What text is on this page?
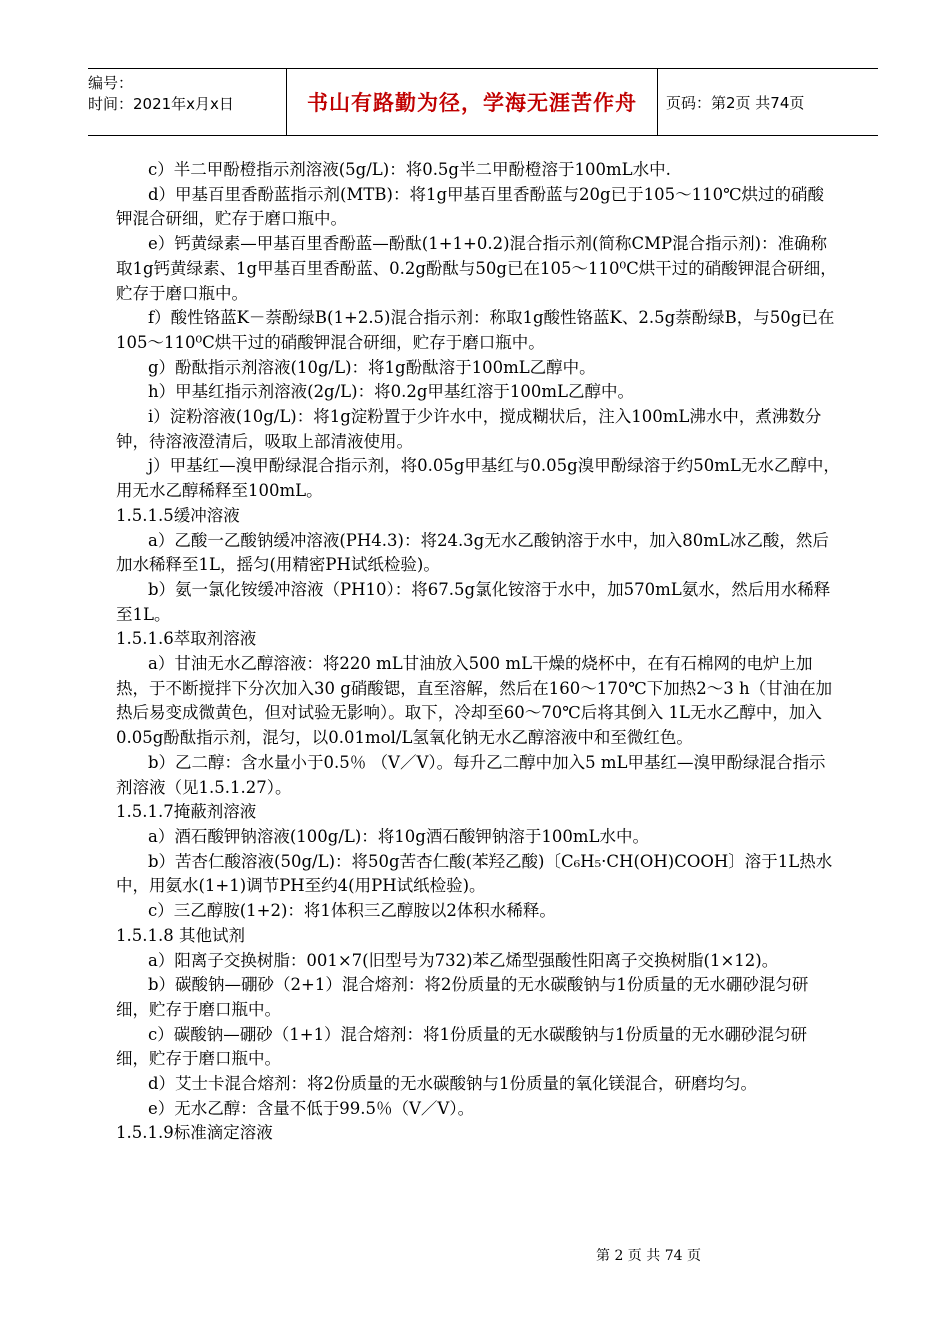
编号：
时间：2021年x月x日	书山有路勤为径，学海无涯苦作舟	页码：第2页 共74页

c）半二甲酚橙指示剂溶液(5g/L)：将0.5g半二甲酚橙溶于100mL水中.

d）甲基百里香酚蓝指示剂(MTB)：将1g甲基百里香酚蓝与20g已于105～110℃烘过的硝酸钾混合研细，贮存于磨口瓶中。

e）钙黄绿素—甲基百里香酚蓝—酚酞(1+1+0.2)混合指示剂(简称CMP混合指示剂)：准确称取1g钙黄绿素、1g甲基百里香酚蓝、0.2g酚酞与50g已在105～110⁰C烘干过的硝酸钾混合研细，贮存于磨口瓶中。

f）酸性铬蓝K－萘酚绿B(1+2.5)混合指示剂：称取1g酸性铬蓝K、2.5g萘酚绿B，与50g已在105～110⁰C烘干过的硝酸钾混合研细，贮存于磨口瓶中。

g）酚酞指示剂溶液(10g/L)：将1g酚酞溶于100mL乙醇中。

h）甲基红指示剂溶液(2g/L)：将0.2g甲基红溶于100mL乙醇中。

i）淀粉溶液(10g/L)：将1g淀粉置于少许水中，搅成糊状后，注入100mL沸水中，煮沸数分钟，待溶液澄清后，吸取上部清液使用。

j）甲基红—溴甲酚绿混合指示剂，将0.05g甲基红与0.05g溴甲酚绿溶于约50mL无水乙醇中，用无水乙醇稀释至100mL。

1.5.1.5缓冲溶液

a）乙酸一乙酸钠缓冲溶液(PH4.3)：将24.3g无水乙酸钠溶于水中，加入80mL冰乙酸，然后加水稀释至1L，摇匀(用精密PH试纸检验)。

b）氨一氯化铵缓冲溶液（PH10）：将67.5g氯化铵溶于水中，加570mL氨水，然后用水稀释至1L。

1.5.1.6萃取剂溶液

a）甘油无水乙醇溶液：将220 mL甘油放入500 mL干燥的烧杯中，在有石棉网的电炉上加热，于不断搅拌下分次加入30 g硝酸锶，直至溶解，然后在160～170℃下加热2～3 h（甘油在加热后易变成微黄色，但对试验无影响）。取下，冷却至60～70℃后将其倒入 1L无水乙醇中，加入0.05g酚酞指示剂，混匀，以0.01mol/L氢氧化钠无水乙醇溶液中和至微红色。

b）乙二醇：含水量小于0.5％ （V／V）。每升乙二醇中加入5 mL甲基红—溴甲酚绿混合指示剂溶液（见1.5.1.27）。

1.5.1.7掩蔽剂溶液

a）酒石酸钾钠溶液(100g/L)：将10g酒石酸钾钠溶于100mL水中。

b）苦杏仁酸溶液(50g/L)：将50g苦杏仁酸(苯羟乙酸)〔C₆H₅·CH(OH)COOH〕溶于1L热水中，用氨水(1+1)调节PH至约4(用PH试纸检验)。

c）三乙醇胺(1+2)：将1体积三乙醇胺以2体积水稀释。

1.5.1.8 其他试剂

a）阳离子交换树脂：001×7(旧型号为732)苯乙烯型强酸性阳离子交换树脂(1×12)。

b）碳酸钠—硼砂（2+1）混合熔剂：将2份质量的无水碳酸钠与1份质量的无水硼砂混匀研细，贮存于磨口瓶中。

c）碳酸钠—硼砂（1+1）混合熔剂：将1份质量的无水碳酸钠与1份质量的无水硼砂混匀研细，贮存于磨口瓶中。

d）艾士卡混合熔剂：将2份质量的无水碳酸钠与1份质量的氧化镁混合，研磨均匀。

e）无水乙醇：含量不低于99.5％（V／V）。

1.5.1.9标准滴定溶液

第 2 页 共 74 页
